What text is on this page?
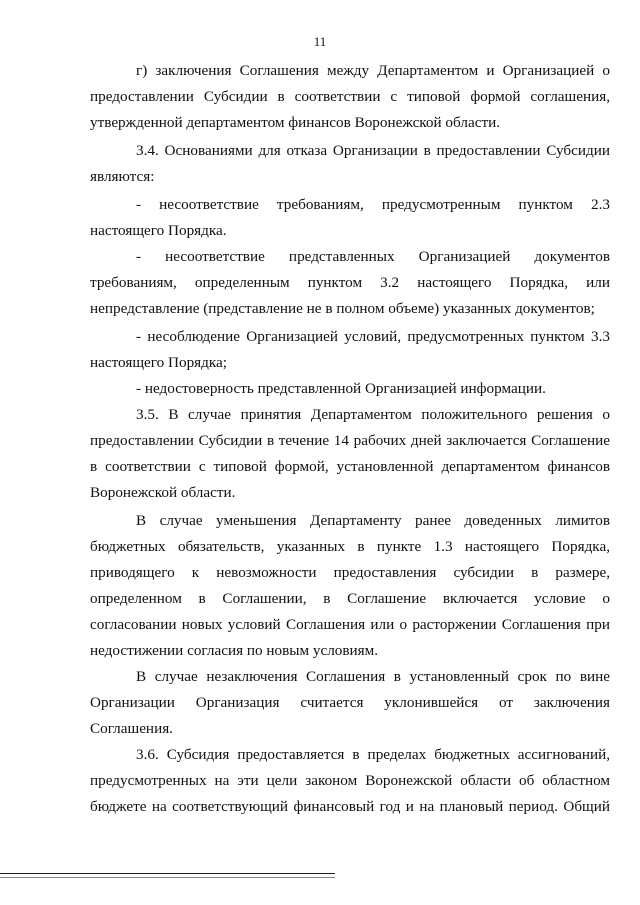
11
г) заключения Соглашения между Департаментом и Организацией о
предоставлении Субсидии в соответствии с типовой формой соглашения,
утвержденной департаментом финансов Воронежской области.
3.4. Основаниями для отказа Организации в предоставлении Субсидии
являются:
- несоответствие требованиям, предусмотренным пунктом 2.3
настоящего Порядка.
- несоответствие представленных Организацией документов
требованиям, определенным пунктом 3.2 настоящего Порядка, или
непредставление (представление не в полном объеме) указанных документов;
- несоблюдение Организацией условий, предусмотренных пунктом 3.3
настоящего Порядка;
- недостоверность представленной Организацией информации.
3.5. В случае принятия Департаментом положительного решения о
предоставлении Субсидии в течение 14 рабочих дней заключается Соглашение
в соответствии с типовой формой, установленной департаментом финансов
Воронежской области.
В случае уменьшения Департаменту ранее доведенных лимитов
бюджетных обязательств, указанных в пункте 1.3 настоящего Порядка,
приводящего к невозможности предоставления субсидии в размере,
определенном в Соглашении, в Соглашение включается условие о
согласовании новых условий Соглашения или о расторжении Соглашения при
недостижении согласия по новым условиям.
В случае незаключения Соглашения в установленный срок по вине
Организации Организация считается уклонившейся от заключения
Соглашения.
3.6. Субсидия предоставляется в пределах бюджетных ассигнований,
предусмотренных на эти цели законом Воронежской области об областном
бюджете на соответствующий финансовый год и на плановый период. Общий
